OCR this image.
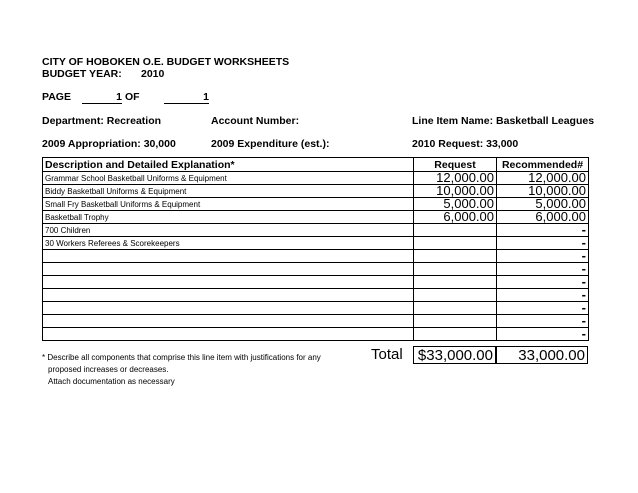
CITY OF HOBOKEN O.E. BUDGET WORKSHEETS
BUDGET YEAR: 2010
PAGE	1 OF	1
Department: Recreation	Account Number:	Line Item Name: Basketball Leagues
2009 Appropriation: 30,000	2009 Expenditure (est.):	2010 Request: 33,000
Description and Detailed Explanation*	Request	Recommended#
Grammar School Basketball Uniforms & Equipment	12,000.00	12,000.00
Biddy Basketball Uniforms & Equipment	10,000.00	10,000.00
Small Fry Basketball Uniforms & Equipment	5,000.00	5,000.00
Basketball Trophy	6,000.00	6,000.00
700 Children		-
30 Workers Referees & Scorekeepers		-
		-
		-
		-
		-
		-
		-
		-
Total	$33,000.00	33,000.00
* Describe all components that comprise this line item with justifications for any
proposed increases or decreases.
Attach documentation as necessary
